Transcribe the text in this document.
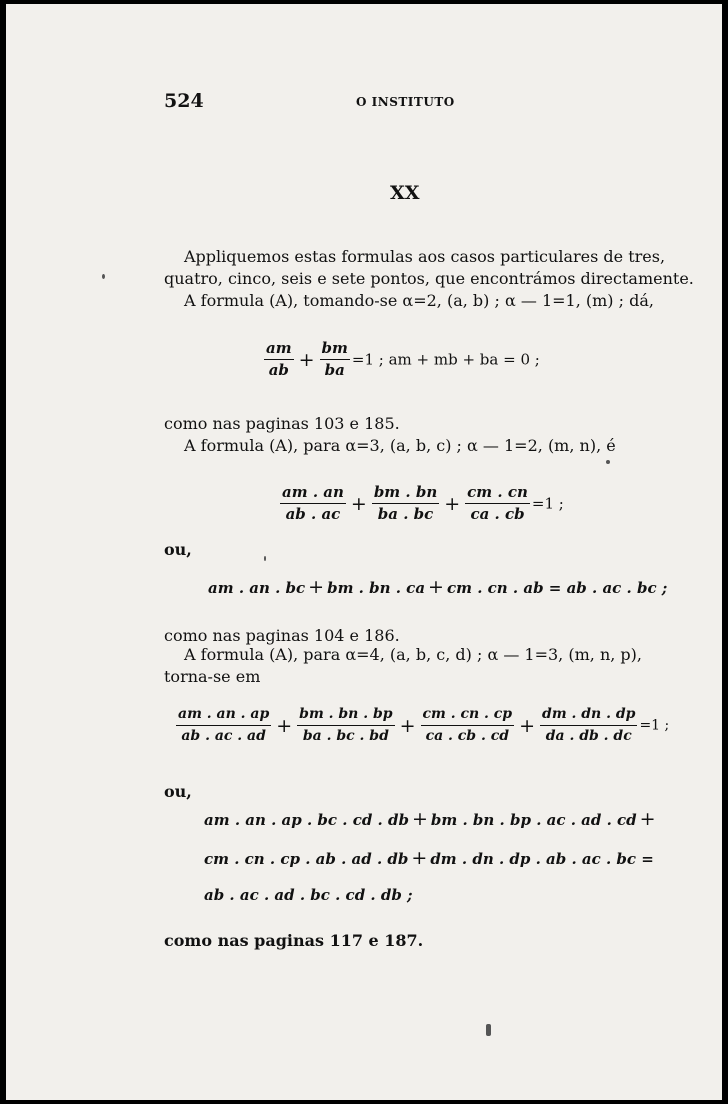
524	O INSTITUTO
XX
Appliquemos estas formulas aos casos particulares de tres,
quatro, cinco, seis e sete pontos, que encontrámos directamente.
A formula (A), tomando-se α=2, (a, b) ; α — 1=1, (m) ; dá,
$\frac{am}{ab} + \frac{bm}{ba} =1$ ; am + mb + ba = 0 ;
como nas paginas 103 e 185.
A formula (A), para α=3, (a, b, c) ; α — 1=2, (m, n), é
$\frac{am . an}{ab . ac} + \frac{bm . bn}{ba . bc} + \frac{cm . cn}{ca . cb} =1$ ;
ou,
am . an . bc + bm . bn . ca + cm . cn . ab = ab . ac . bc ;
como nas paginas 104 e 186.
A formula (A), para α=4, (a, b, c, d) ; α — 1=3, (m, n, p),
torna-se em
$\frac{am . an . ap}{ab . ac . ad} + \frac{bm . bn . bp}{ba . bc . bd} + \frac{cm . cn . cp}{ca . cb . cd} + \frac{dm . dn . dp}{da . db . dc} =1$ ;
ou,
am . an . ap . bc . cd . db + bm . bn . bp . ac . ad . cd +
cm . cn . cp . ab . ad . db + dm . dn . dp . ab . ac . bc =
ab . ac . ad . bc . cd . db ;
como nas paginas 117 e 187.
